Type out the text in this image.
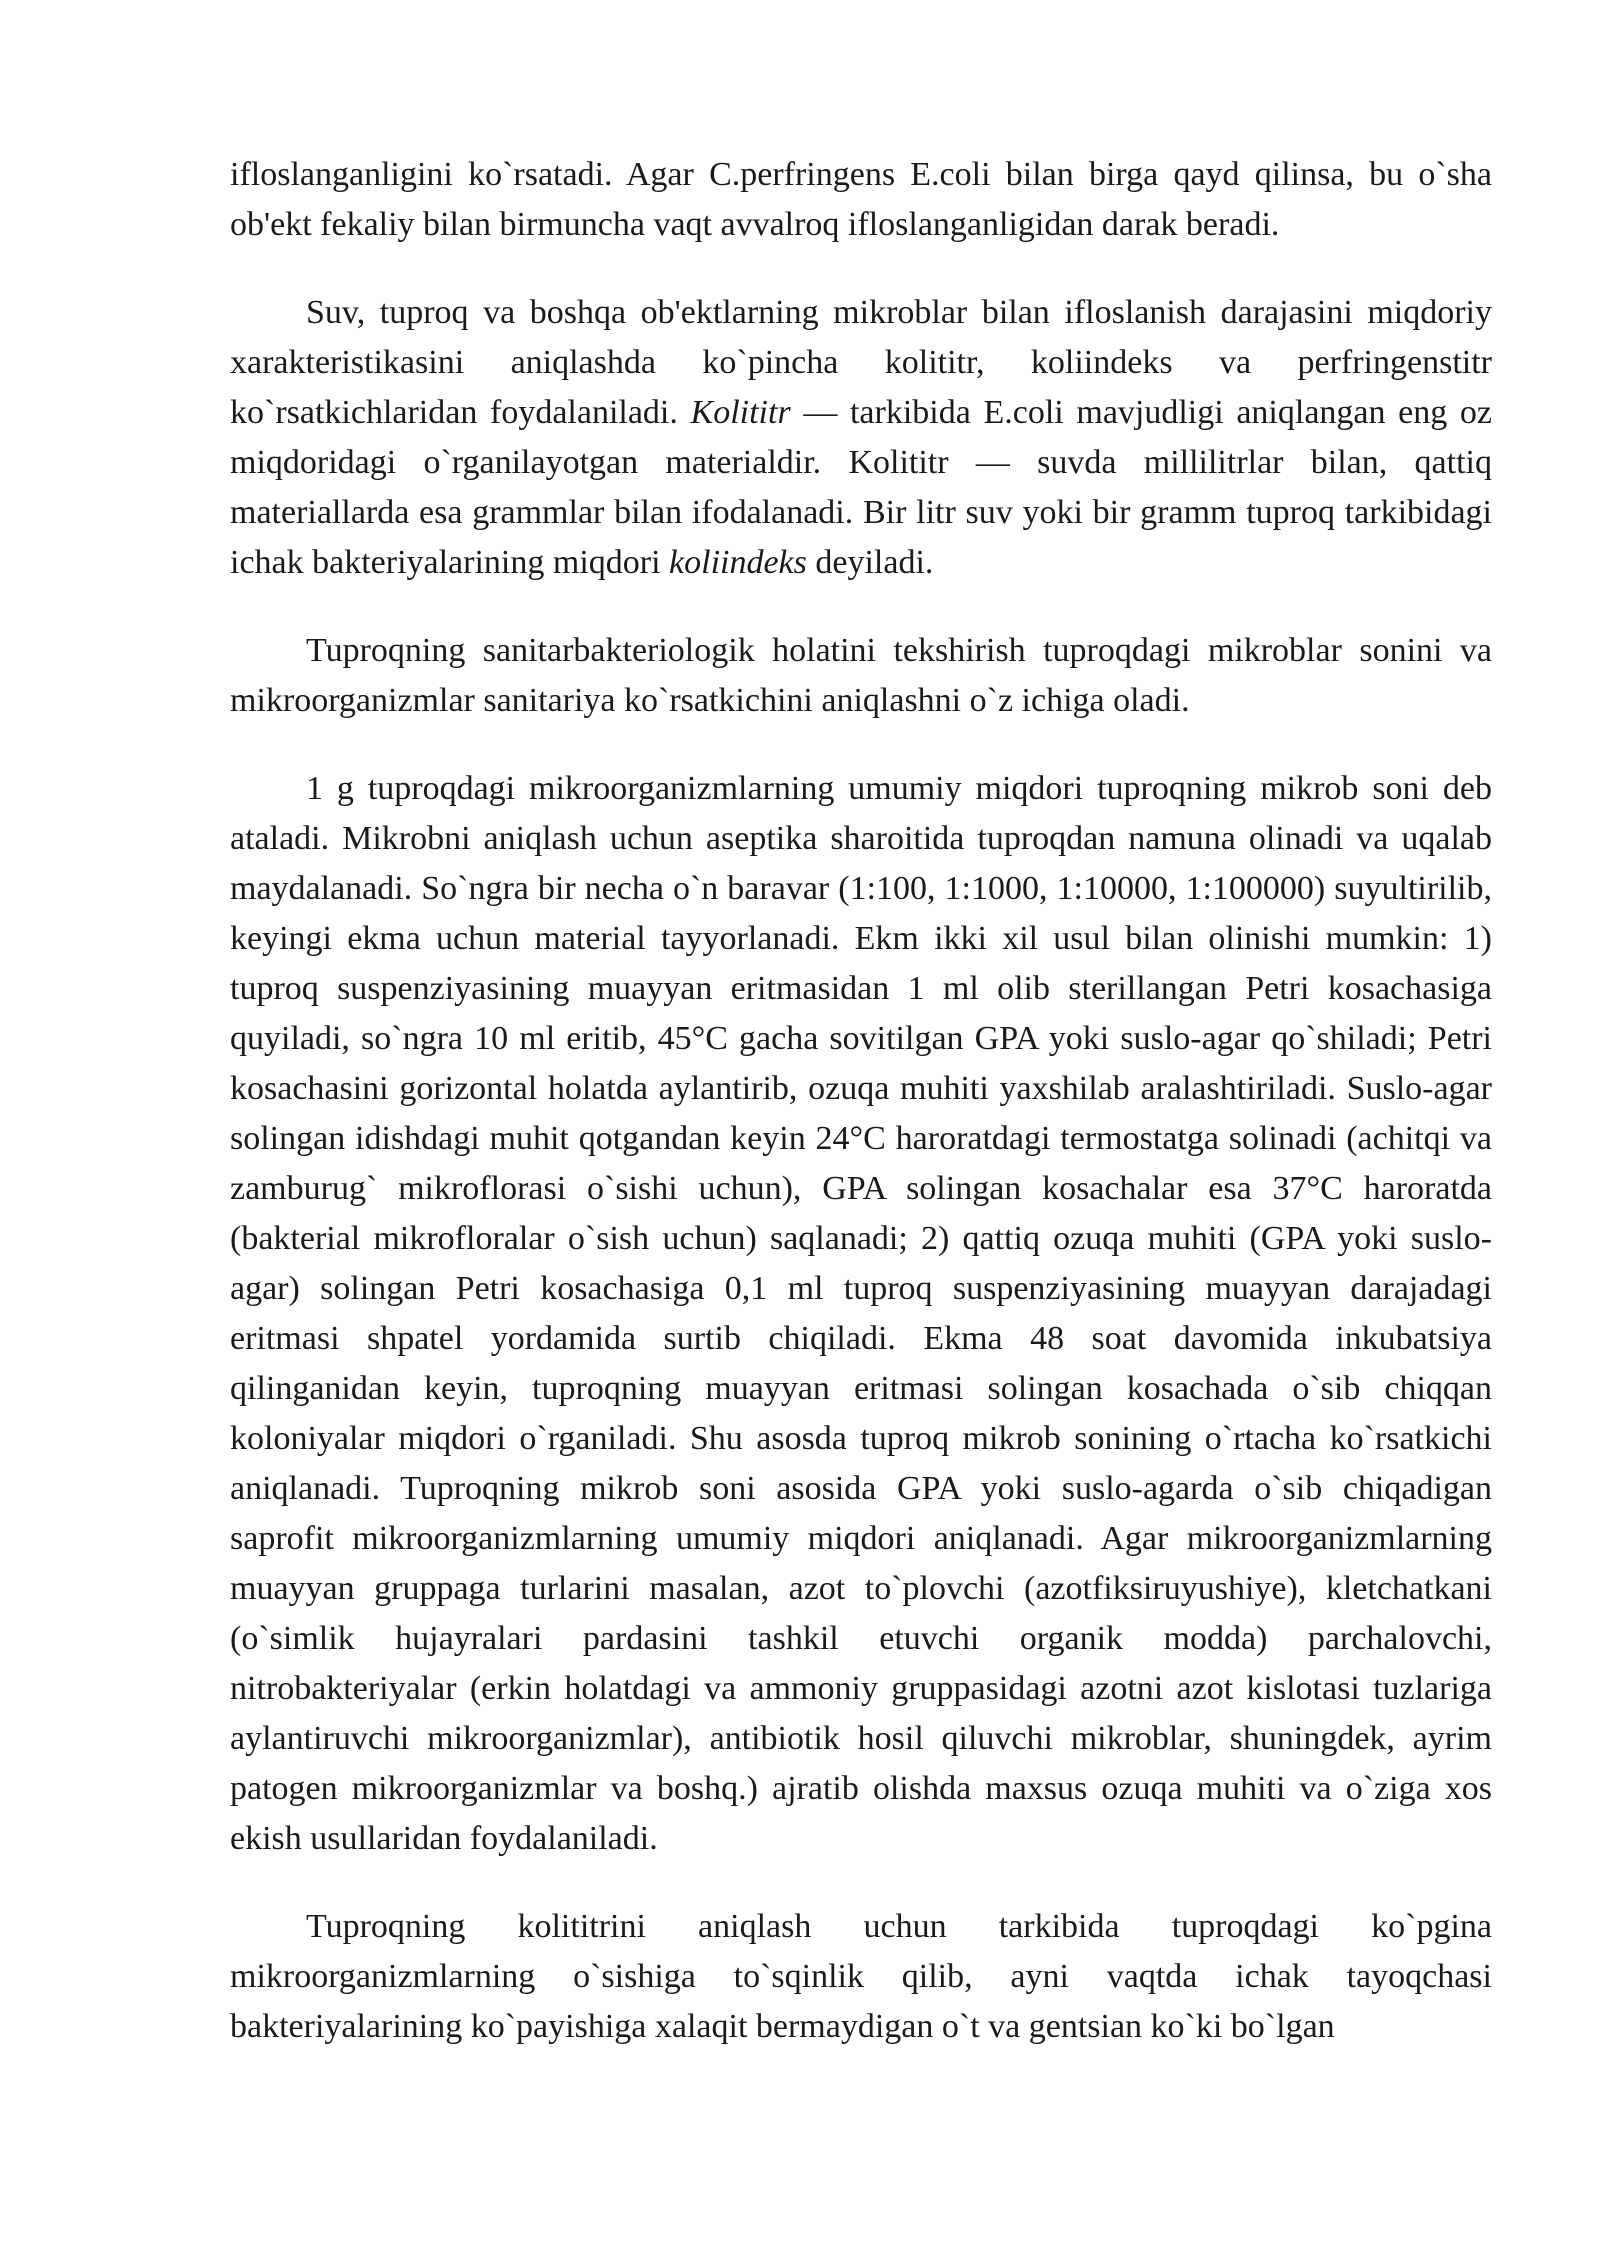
ifloslanganligini ko`rsatadi. Agar C.perfringens E.coli bilan birga qayd qilinsa, bu o`sha ob'ekt fekaliy bilan birmuncha vaqt avvalroq ifloslanganligidan darak beradi.

Suv, tuproq va boshqa ob'ektlarning mikroblar bilan ifloslanish darajasini miqdoriy xarakteristikasini aniqlashda ko`pincha kolititr, koliindeks va perfringenstitr ko`rsatkichlaridan foydalaniladi. Kolititr — tarkibida E.coli mavjudligi aniqlangan eng oz miqdoridagi o`rganilayotgan materialdir. Kolititr — suvda millilitrlar bilan, qattiq materiallarda esa grammlar bilan ifodalanadi. Bir litr suv yoki bir gramm tuproq tarkibidagi ichak bakteriyalarining miqdori koliindeks deyiladi.

Tuproqning sanitarbakteriologik holatini tekshirish tuproqdagi mikroblar sonini va mikroorganizmlar sanitariya ko`rsatkichini aniqlashni o`z ichiga oladi.

1 g tuproqdagi mikroorganizmlarning umumiy miqdori tuproqning mikrob soni deb ataladi. Mikrobni aniqlash uchun aseptika sharoitida tuproqdan namuna olinadi va uqalab maydalanadi. So`ngra bir necha o`n baravar (1:100, 1:1000, 1:10000, 1:100000) suyultirilib, keyingi ekma uchun material tayyorlanadi. Ekm ikki xil usul bilan olinishi mumkin: 1) tuproq suspenziyasining muayyan eritmasidan 1 ml olib sterillangan Petri kosachasiga quyiladi, so`ngra 10 ml eritib, 45°C gacha sovitilgan GPA yoki suslo-agar qo`shiladi; Petri kosachasini gorizontal holatda aylantirib, ozuqa muhiti yaxshilab aralashtiriladi. Suslo-agar solingan idishdagi muhit qotgandan keyin 24°C haroratdagi termostatga solinadi (achitqi va zamburug` mikroflorasi o`sishi uchun), GPA solingan kosachalar esa 37°C haroratda (bakterial mikrofloralar o`sish uchun) saqlanadi; 2) qattiq ozuqa muhiti (GPA yoki suslo-agar) solingan Petri kosachasiga 0,1 ml tuproq suspenziyasining muayyan darajadagi eritmasi shpatel yordamida surtib chiqiladi. Ekma 48 soat davomida inkubatsiya qilinganidan keyin, tuproqning muayyan eritmasi solingan kosachada o`sib chiqqan koloniyalar miqdori o`rganiladi. Shu asosda tuproq mikrob sonining o`rtacha ko`rsatkichi aniqlanadi. Tuproqning mikrob soni asosida GPA yoki suslo-agarda o`sib chiqadigan saprofit mikroorganizmlarning umumiy miqdori aniqlanadi. Agar mikroorganizmlarning muayyan gruppaga turlarini masalan, azot to`plovchi (azotfiksiruyushiye), kletchatkani (o`simlik hujayralari pardasini tashkil etuvchi organik modda) parchalovchi, nitrobakteriyalar (erkin holatdagi va ammoniy gruppasidagi azotni azot kislotasi tuzlariga aylantiruvchi mikroorganizmlar), antibiotik hosil qiluvchi mikroblar, shuningdek, ayrim patogen mikroorganizmlar va boshq.) ajratib olishda maxsus ozuqa muhiti va o`ziga xos ekish usullaridan foydalaniladi.

Tuproqning kolititrini aniqlash uchun tarkibida tuproqdagi ko`pgina mikroorganizmlarning o`sishiga to`sqinlik qilib, ayni vaqtda ichak tayoqchasi bakteriyalarining ko`payishiga xalaqit bermaydigan o`t va gentsian ko`ki bo`lgan
